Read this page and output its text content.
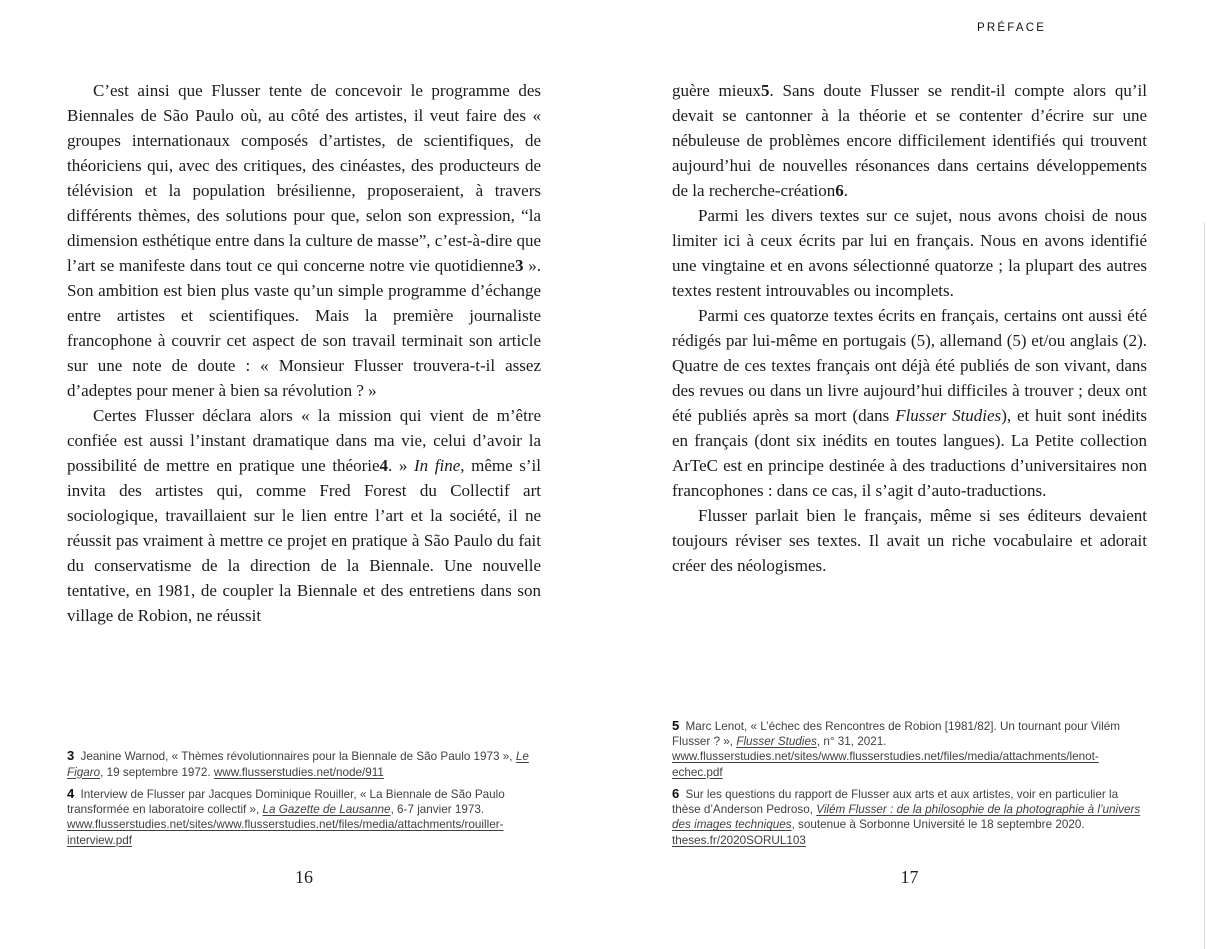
C’est ainsi que Flusser tente de concevoir le programme des Biennales de São Paulo où, au côté des artistes, il veut faire des « groupes internationaux composés d’artistes, de scientifiques, de théoriciens qui, avec des critiques, des cinéastes, des producteurs de télévision et la population brésilienne, proposeraient, à travers différents thèmes, des solutions pour que, selon son expression, “la dimension esthétique entre dans la culture de masse”, c’est-à-dire que l’art se manifeste dans tout ce qui concerne notre vie quotidienne3 ». Son ambition est bien plus vaste qu’un simple programme d’échange entre artistes et scientifiques. Mais la première journaliste francophone à couvrir cet aspect de son travail terminait son article sur une note de doute : « Monsieur Flusser trouvera-t-il assez d’adeptes pour mener à bien sa révolution ? »

Certes Flusser déclara alors « la mission qui vient de m’être confiée est aussi l’instant dramatique dans ma vie, celui d’avoir la possibilité de mettre en pratique une théorie4. » In fine, même s’il invita des artistes qui, comme Fred Forest du Collectif art sociologique, travaillaient sur le lien entre l’art et la société, il ne réussit pas vraiment à mettre ce projet en pratique à São Paulo du fait du conservatisme de la direction de la Biennale. Une nouvelle tentative, en 1981, de coupler la Biennale et des entretiens dans son village de Robion, ne réussit

3 Jeanine Warnod, « Thèmes révolutionnaires pour la Biennale de São Paulo 1973 », Le Figaro, 19 septembre 1972. www.flusserstudies.net/node/911
4 Interview de Flusser par Jacques Dominique Rouiller, « La Biennale de São Paulo transformée en laboratoire collectif », La Gazette de Lausanne, 6-7 janvier 1973. www.flusserstudies.net/sites/www.flusserstudies.net/files/media/attachments/rouiller-interview.pdf
16
PRÉFACE

guère mieux5. Sans doute Flusser se rendit-il compte alors qu’il devait se cantonner à la théorie et se contenter d’écrire sur une nébuleuse de problèmes encore difficilement identifiés qui trouvent aujourd’hui de nouvelles résonances dans certains développements de la recherche-création6.

Parmi les divers textes sur ce sujet, nous avons choisi de nous limiter ici à ceux écrits par lui en français. Nous en avons identifié une vingtaine et en avons sélectionné quatorze ; la plupart des autres textes restent introuvables ou incomplets.

Parmi ces quatorze textes écrits en français, certains ont aussi été rédigés par lui-même en portugais (5), allemand (5) et/ou anglais (2). Quatre de ces textes français ont déjà été publiés de son vivant, dans des revues ou dans un livre aujourd’hui difficiles à trouver ; deux ont été publiés après sa mort (dans Flusser Studies), et huit sont inédits en français (dont six inédits en toutes langues). La Petite collection ArTeC est en principe destinée à des traductions d’universitaires non francophones : dans ce cas, il s’agit d’auto-traductions.

Flusser parlait bien le français, même si ses éditeurs devaient toujours réviser ses textes. Il avait un riche vocabulaire et adorait créer des néologismes.

5 Marc Lenot, « L’échec des Rencontres de Robion [1981/82]. Un tournant pour Vilém Flusser ? », Flusser Studies, n° 31, 2021. www.flusserstudies.net/sites/www.flusserstudies.net/files/media/attachments/lenot-echec.pdf
6 Sur les questions du rapport de Flusser aux arts et aux artistes, voir en particulier la thèse d’Anderson Pedroso, Vilém Flusser : de la philosophie de la photographie à l’univers des images techniques, soutenue à Sorbonne Université le 18 septembre 2020. theses.fr/2020SORUL103
17
